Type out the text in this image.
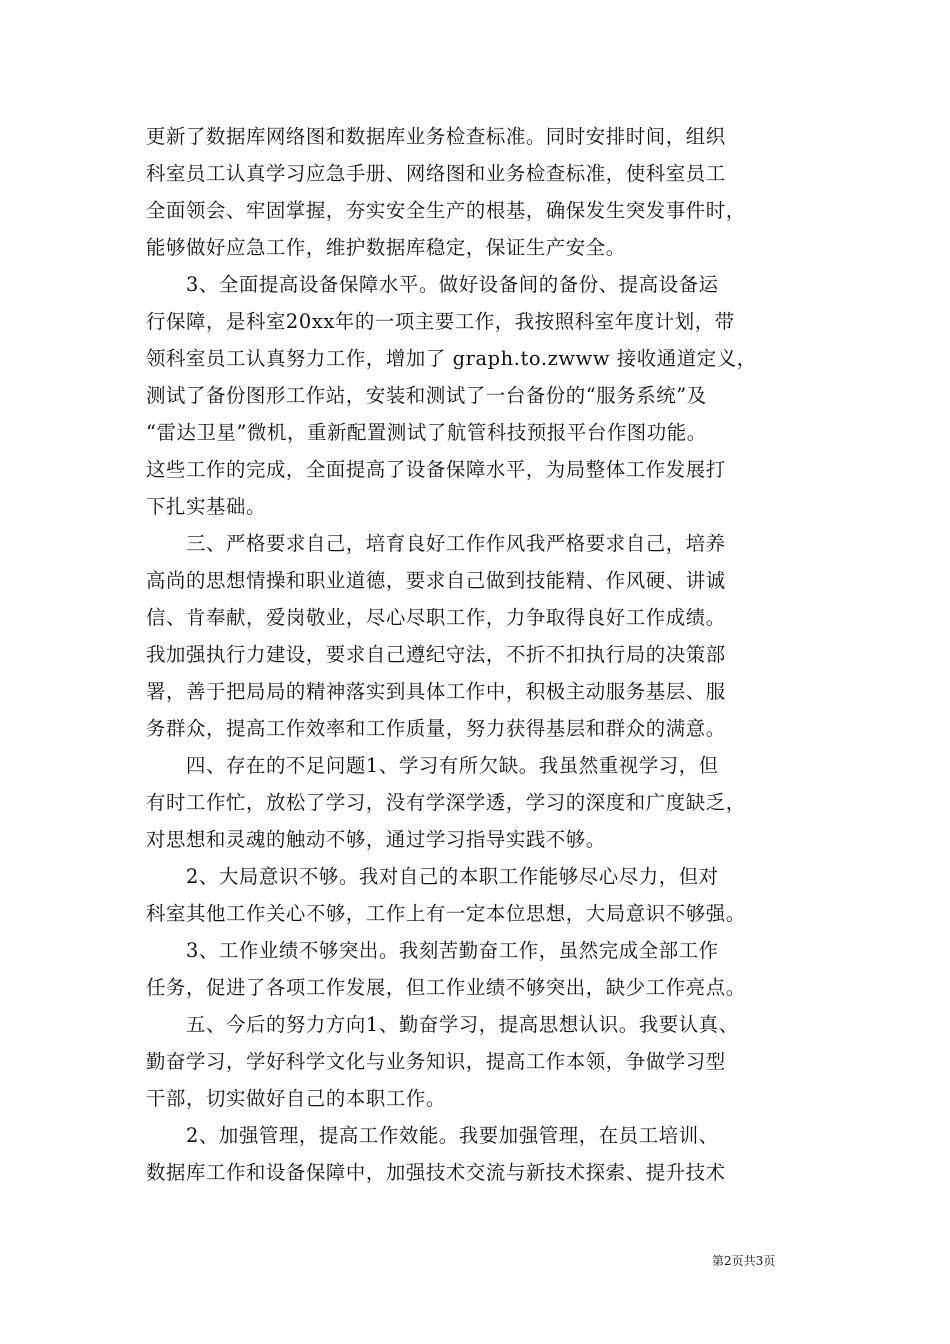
更新了数据库网络图和数据库业务检查标准。同时安排时间，组织
科室员工认真学习应急手册、网络图和业务检查标准，使科室员工
全面领会、牢固掌握，夯实安全生产的根基，确保发生突发事件时，
能够做好应急工作，维护数据库稳定，保证生产安全。
　　3、全面提高设备保障水平。做好设备间的备份、提高设备运
行保障，是科室20xx年的一项主要工作，我按照科室年度计划，带
领科室员工认真努力工作，增加了 graph.to.zwww 接收通道定义，
测试了备份图形工作站，安装和测试了一台备份的“服务系统”及
“雷达卫星”微机，重新配置测试了航管科技预报平台作图功能。
这些工作的完成，全面提高了设备保障水平，为局整体工作发展打
下扎实基础。
　　三、严格要求自己，培育良好工作作风我严格要求自己，培养
高尚的思想情操和职业道德，要求自己做到技能精、作风硬、讲诚
信、肯奉献，爱岗敬业，尽心尽职工作，力争取得良好工作成绩。
我加强执行力建设，要求自己遵纪守法，不折不扣执行局的决策部
署，善于把局局的精神落实到具体工作中，积极主动服务基层、服
务群众，提高工作效率和工作质量，努力获得基层和群众的满意。
　　四、存在的不足问题1、学习有所欠缺。我虽然重视学习，但
有时工作忙，放松了学习，没有学深学透，学习的深度和广度缺乏，
对思想和灵魂的触动不够，通过学习指导实践不够。
　　2、大局意识不够。我对自己的本职工作能够尽心尽力，但对
科室其他工作关心不够，工作上有一定本位思想，大局意识不够强。
　　3、工作业绩不够突出。我刻苦勤奋工作，虽然完成全部工作
任务，促进了各项工作发展，但工作业绩不够突出，缺少工作亮点。
　　五、今后的努力方向1、勤奋学习，提高思想认识。我要认真、
勤奋学习，学好科学文化与业务知识，提高工作本领，争做学习型
干部，切实做好自己的本职工作。
　　2、加强管理，提高工作效能。我要加强管理，在员工培训、
数据库工作和设备保障中，加强技术交流与新技术探索、提升技术
第2页共3页
